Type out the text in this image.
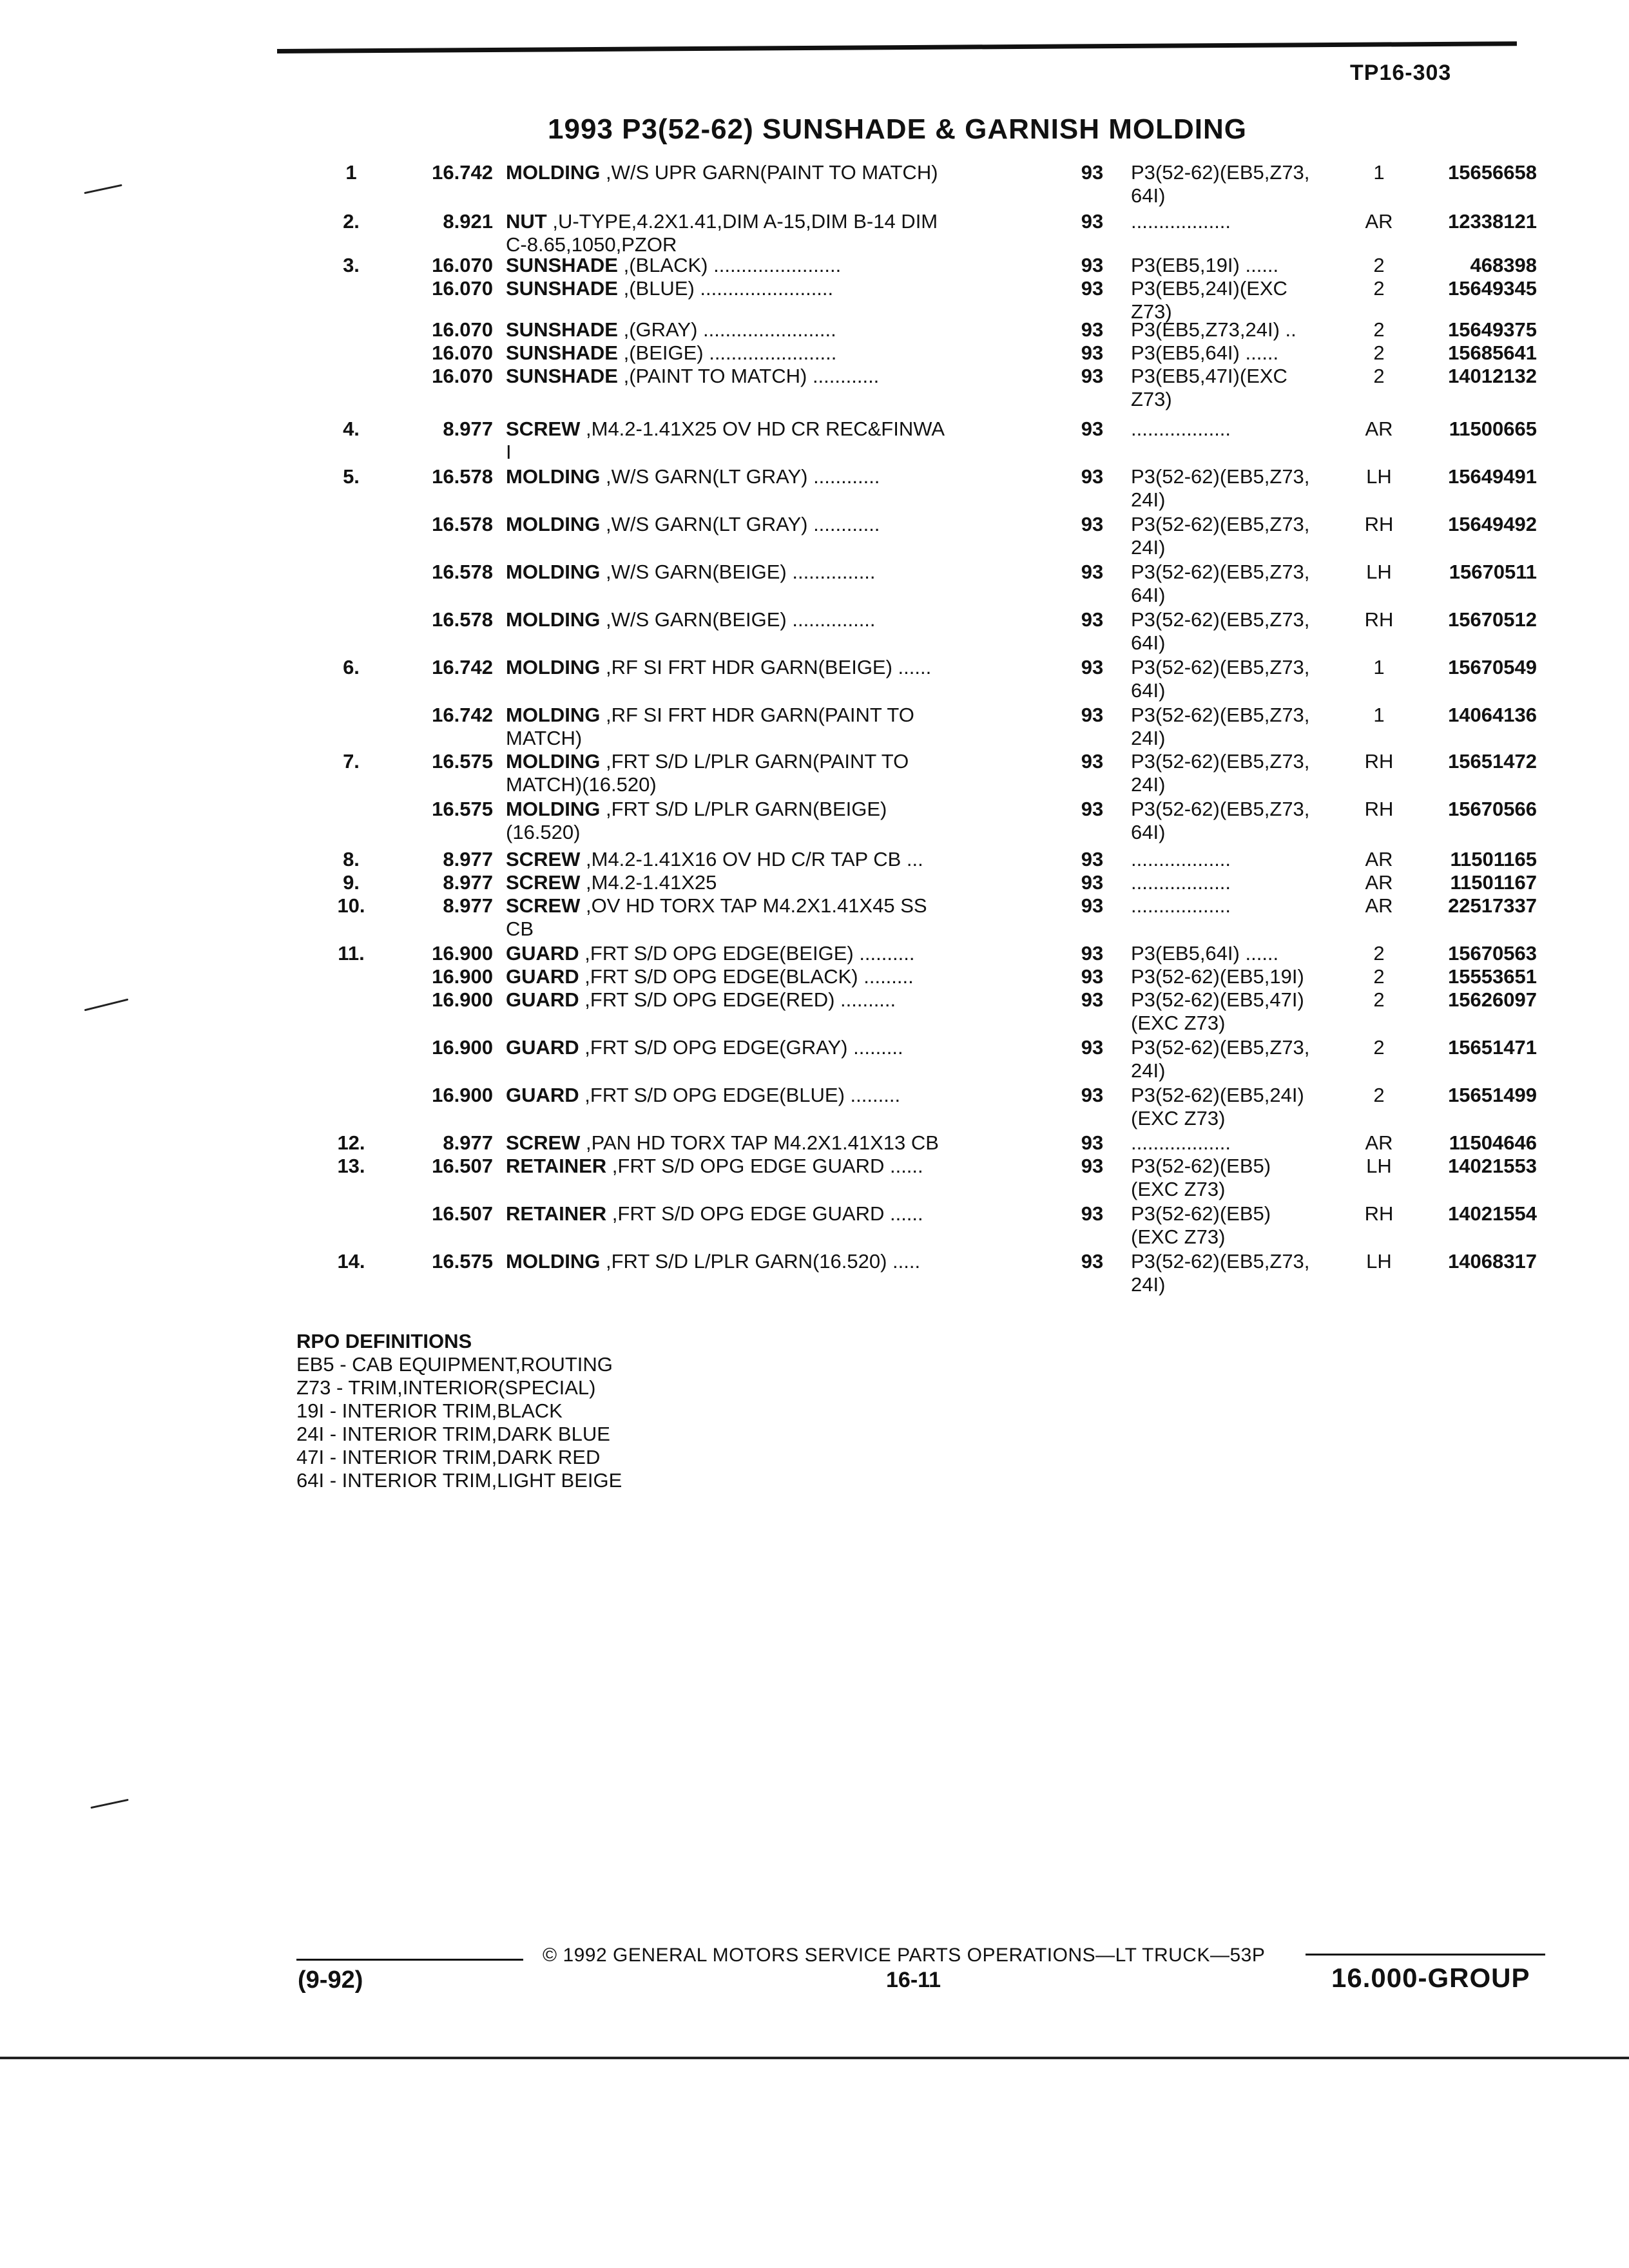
TP16-303
1993 P3(52-62) SUNSHADE & GARNISH MOLDING
1	16.742 MOLDING ,W/S UPR GARN(PAINT TO MATCH)	93	P3(52-62)(EB5,Z73,
64I)
1	15656658
2.	8.921 NUT ,U-TYPE,4.2X1.41,DIM A-15,DIM B-14 DIM
C-8.65,1050,PZOR
93	..................	AR	12338121
3.	16.070 SUNSHADE ,(BLACK) .......................	93	P3(EB5,19I) ......	2	468398
16.070 SUNSHADE ,(BLUE) ........................	93	P3(EB5,24I)(EXC
Z73)
2	15649345
16.070 SUNSHADE ,(GRAY) ........................	93	P3(EB5,Z73,24I) ..	2	15649375
16.070 SUNSHADE ,(BEIGE) .......................	93	P3(EB5,64I) ......	2	15685641
16.070 SUNSHADE ,(PAINT TO MATCH) ............	93	P3(EB5,47I)(EXC
Z73)
2	14012132
4.	8.977 SCREW ,M4.2-1.41X25 OV HD CR REC&FINWA
I
93	..................	AR	11500665
5.	16.578 MOLDING ,W/S GARN(LT GRAY) ............	93	P3(52-62)(EB5,Z73,
24I)
LH	15649491
16.578 MOLDING ,W/S GARN(LT GRAY) ............	93	P3(52-62)(EB5,Z73,
24I)
RH	15649492
16.578 MOLDING ,W/S GARN(BEIGE) ...............	93	P3(52-62)(EB5,Z73,
64I)
LH	15670511
16.578 MOLDING ,W/S GARN(BEIGE) ...............	93	P3(52-62)(EB5,Z73,
64I)
RH	15670512
6.	16.742 MOLDING ,RF SI FRT HDR GARN(BEIGE) ......	93	P3(52-62)(EB5,Z73,
64I)
1	15670549
16.742 MOLDING ,RF SI FRT HDR GARN(PAINT TO
MATCH)
93	P3(52-62)(EB5,Z73,
24I)
1	14064136
7.	16.575 MOLDING ,FRT S/D L/PLR GARN(PAINT TO
MATCH)(16.520)
93	P3(52-62)(EB5,Z73,
24I)
RH	15651472
16.575 MOLDING ,FRT S/D L/PLR GARN(BEIGE)
(16.520)
93	P3(52-62)(EB5,Z73,
64I)
RH	15670566
8.	8.977 SCREW ,M4.2-1.41X16 OV HD C/R TAP CB ...	93	..................	AR	11501165
9.	8.977 SCREW ,M4.2-1.41X25	93	..................	AR	11501167
10.	8.977 SCREW ,OV HD TORX TAP M4.2X1.41X45 SS
CB
93	..................	AR	22517337
11.	16.900 GUARD ,FRT S/D OPG EDGE(BEIGE) ..........	93	P3(EB5,64I) ......	2	15670563
16.900 GUARD ,FRT S/D OPG EDGE(BLACK) .........	93	P3(52-62)(EB5,19I)	2	15553651
16.900 GUARD ,FRT S/D OPG EDGE(RED) ..........	93	P3(52-62)(EB5,47I)
(EXC Z73)
2	15626097
16.900 GUARD ,FRT S/D OPG EDGE(GRAY) .........	93	P3(52-62)(EB5,Z73,
24I)
2	15651471
16.900 GUARD ,FRT S/D OPG EDGE(BLUE) .........	93	P3(52-62)(EB5,24I)
(EXC Z73)
2	15651499
12.	8.977 SCREW ,PAN HD TORX TAP M4.2X1.41X13 CB	93	..................	AR	11504646
13.	16.507 RETAINER ,FRT S/D OPG EDGE GUARD ......	93	P3(52-62)(EB5)
(EXC Z73)
LH	14021553
16.507 RETAINER ,FRT S/D OPG EDGE GUARD ......	93	P3(52-62)(EB5)
(EXC Z73)
RH	14021554
14.	16.575 MOLDING ,FRT S/D L/PLR GARN(16.520) .....	93	P3(52-62)(EB5,Z73,
24I)
LH	14068317
RPO DEFINITIONS
EB5 - CAB EQUIPMENT,ROUTING
Z73 - TRIM,INTERIOR(SPECIAL)
19I - INTERIOR TRIM,BLACK
24I - INTERIOR TRIM,DARK BLUE
47I - INTERIOR TRIM,DARK RED
64I - INTERIOR TRIM,LIGHT BEIGE
© 1992 GENERAL MOTORS SERVICE PARTS OPERATIONS—LT TRUCK—53P
(9-92)	16-11	16.000-GROUP
